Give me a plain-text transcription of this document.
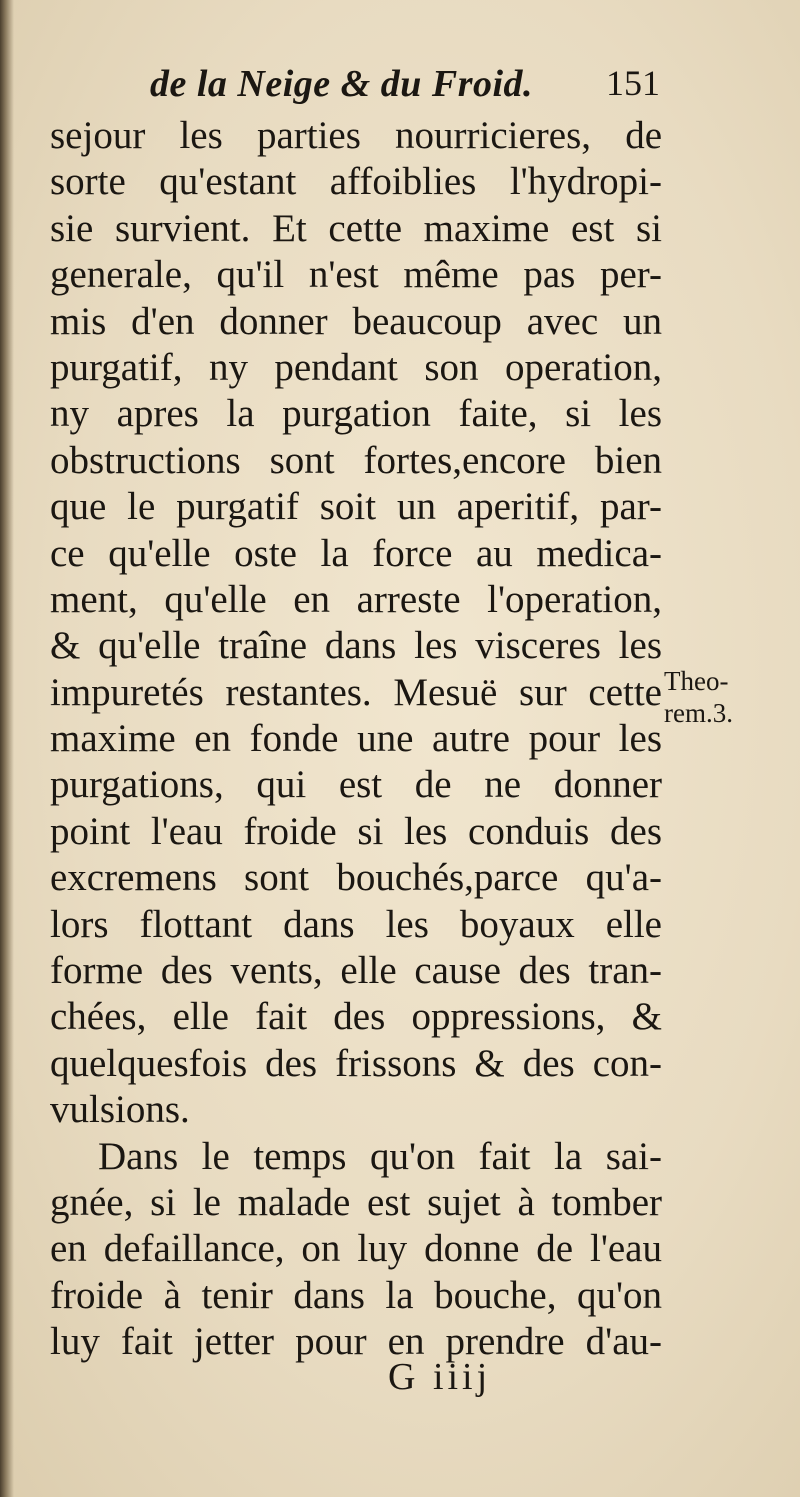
de la Neige & du Froid. 151
sejour les parties nourricieres, de
sorte qu'estant affoiblies l'hydropi-
sie survient. Et cette maxime est si
generale, qu'il n'est même pas per-
mis d'en donner beaucoup avec un
purgatif, ny pendant son operation,
ny apres la purgation faite, si les
obstructions sont fortes,encore bien
que le purgatif soit un aperitif, par-
ce qu'elle oste la force au medica-
ment, qu'elle en arreste l'operation,
& qu'elle traîne dans les visceres les
impuretés restantes. Mesuë sur cette
maxime en fonde une autre pour les
purgations, qui est de ne donner
point l'eau froide si les conduis des
excremens sont bouchés,parce qu'a-
lors flottant dans les boyaux elle
forme des vents, elle cause des tran-
chées, elle fait des oppressions, &
quelquesfois des frissons & des con-
vulsions.
Dans le temps qu'on fait la sai-
gnée, si le malade est sujet à tomber
en defaillance, on luy donne de l'eau
froide à tenir dans la bouche, qu'on
luy fait jetter pour en prendre d'au-
Theo-
rem.3.
G iiij
